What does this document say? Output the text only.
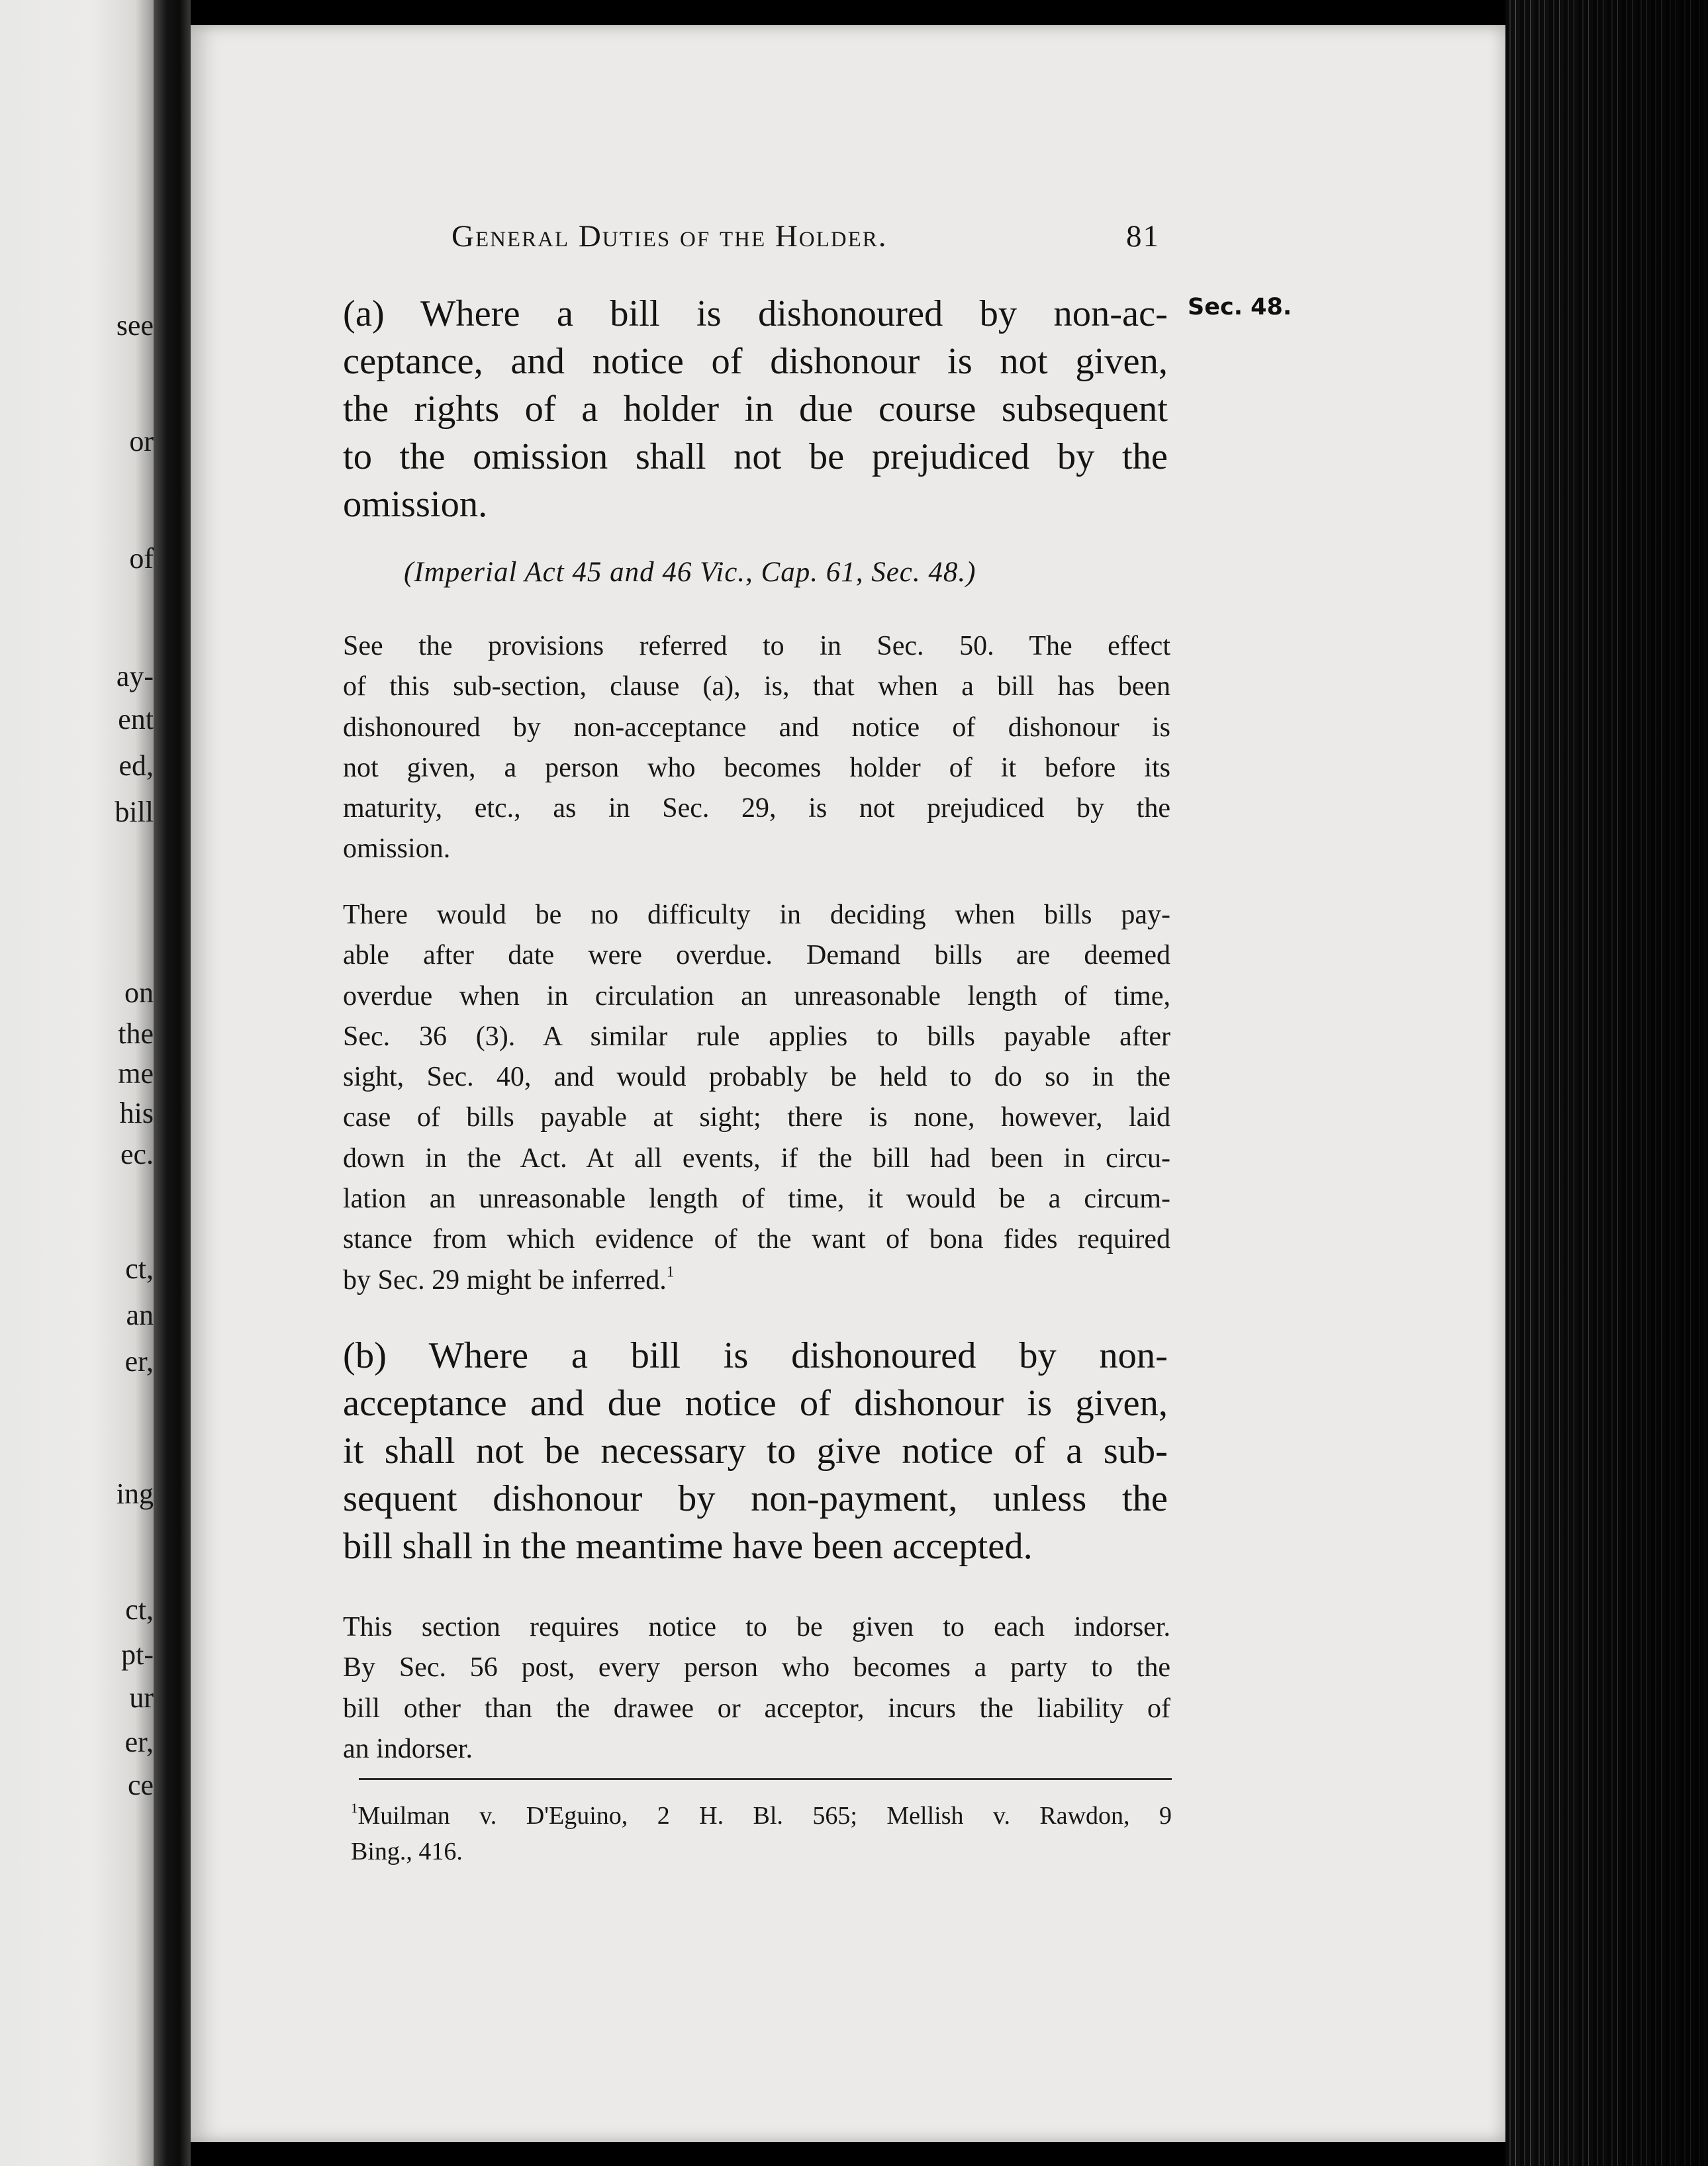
see
or
of
ay-
ent
ed,
bill
on
the
me
his
ec.
ct,
an
er,
ing
ct,
pt-
ur
er,
ce
General Duties of the Holder.	81
Sec. 48.
(a) Where a bill is dishonoured by non-ac-
ceptance, and notice of dishonour is not given,
the rights of a holder in due course subsequent
to the omission shall not be prejudiced by the
omission.
(Imperial Act 45 and 46 Vic., Cap. 61, Sec. 48.)
See the provisions referred to in Sec. 50. The effect
of this sub-section, clause (a), is, that when a bill has been
dishonoured by non-acceptance and notice of dishonour is
not given, a person who becomes holder of it before its
maturity, etc., as in Sec. 29, is not prejudiced by the
omission.
There would be no difficulty in deciding when bills pay-
able after date were overdue. Demand bills are deemed
overdue when in circulation an unreasonable length of time,
Sec. 36 (3). A similar rule applies to bills payable after
sight, Sec. 40, and would probably be held to do so in the
case of bills payable at sight; there is none, however, laid
down in the Act. At all events, if the bill had been in circu-
lation an unreasonable length of time, it would be a circum-
stance from which evidence of the want of bona fides required
by Sec. 29 might be inferred.$^1$
(b) Where a bill is dishonoured by non-
acceptance and due notice of dishonour is given,
it shall not be necessary to give notice of a sub-
sequent dishonour by non-payment, unless the
bill shall in the meantime have been accepted.
This section requires notice to be given to each indorser.
By Sec. 56 post, every person who becomes a party to the
bill other than the drawee or acceptor, incurs the liability of
an indorser.
$^1$Muilman v. D'Eguino, 2 H. Bl. 565; Mellish v. Rawdon, 9
Bing., 416.
